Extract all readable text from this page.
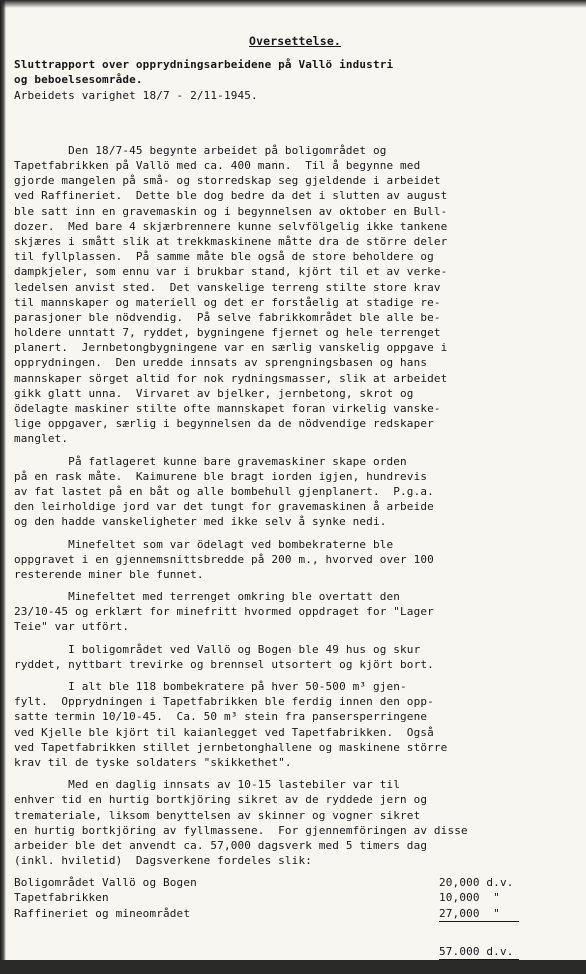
Oversettelse.
Sluttrapport over opprydningsarbeidene på Vallö industri
og beboelsesområde.
Arbeidets varighet 18/7 - 2/11-1945.
Den 18/7-45 begynte arbeidet på boligområdet og
Tapetfabrikken på Vallö med ca. 400 mann.  Til å begynne med
gjorde mangelen på små- og storredskap seg gjeldende i arbeidet
ved Raffineriet.  Dette ble dog bedre da det i slutten av august
ble satt inn en gravemaskin og i begynnelsen av oktober en Bull-
dozer.  Med bare 4 skjærbrennere kunne selvfölgelig ikke tankene
skjæres i smått slik at trekkmaskinene måtte dra de större deler
til fyllplassen.  På samme måte ble også de store beholdere og
dampkjeler, som ennu var i brukbar stand, kjört til et av verke-
ledelsen anvist sted.  Det vanskelige terreng stilte store krav
til mannskaper og materiell og det er forståelig at stadige re-
parasjoner ble nödvendig.  På selve fabrikkområdet ble alle be-
holdere unntatt 7, ryddet, bygningene fjernet og hele terrenget
planert.  Jernbetongbygningene var en særlig vanskelig oppgave i
opprydningen.  Den uredde innsats av sprengningsbasen og hans
mannskaper sörget altid for nok rydningsmasser, slik at arbeidet
gikk glatt unna.  Virvaret av bjelker, jernbetong, skrot og
ödelagte maskiner stilte ofte mannskapet foran virkelig vanske-
lige oppgaver, særlig i begynnelsen da de nödvendige redskaper
manglet.
På fatlageret kunne bare gravemaskiner skape orden
på en rask måte.  Kaimurene ble bragt iorden igjen, hundrevis
av fat lastet på en båt og alle bombehull gjenplanert.  P.g.a.
den leirholdige jord var det tungt for gravemaskinen å arbeide
og den hadde vanskeligheter med ikke selv å synke nedi.
Minefeltet som var ödelagt ved bombekraterne ble
oppgravet i en gjennemsnittsbredde på 200 m., hvorved over 100
resterende miner ble funnet.
Minefeltet med terrenget omkring ble overtatt den
23/10-45 og erklært for minefritt hvormed oppdraget for "Lager
Teie" var utfört.
I boligområdet ved Vallö og Bogen ble 49 hus og skur
ryddet, nyttbart trevirke og brennsel utsortert og kjört bort.
I alt ble 118 bombekratere på hver 50-500 m³ gjen-
fylt.  Opprydningen i Tapetfabrikken ble ferdig innen den opp-
satte termin 10/10-45.  Ca. 50 m³ stein fra pansersperringene
ved Kjelle ble kjört til kaianlegget ved Tapetfabrikken.  Også
ved Tapetfabrikken stillet jernbetonghallene og maskinene större
krav til de tyske soldaters "skikkethet".
Med en daglig innsats av 10-15 lastebiler var til
enhver tid en hurtig bortkjöring sikret av de ryddede jern og
tremateriale, liksom benyttelsen av skinner og vogner sikret
en hurtig bortkjöring av fyllmassene.  For gjennemföringen av disse
arbeider ble det anvendt ca. 57,000 dagsverk med 5 timers dag
(inkl. hviletid)  Dagsverkene fordeles slik:
Boligområdet Vallö og Bogen	20,000 d.v.
Tapetfabrikken	10,000  "
Raffineriet og mineområdet	27,000  "

57.000 d.v.
